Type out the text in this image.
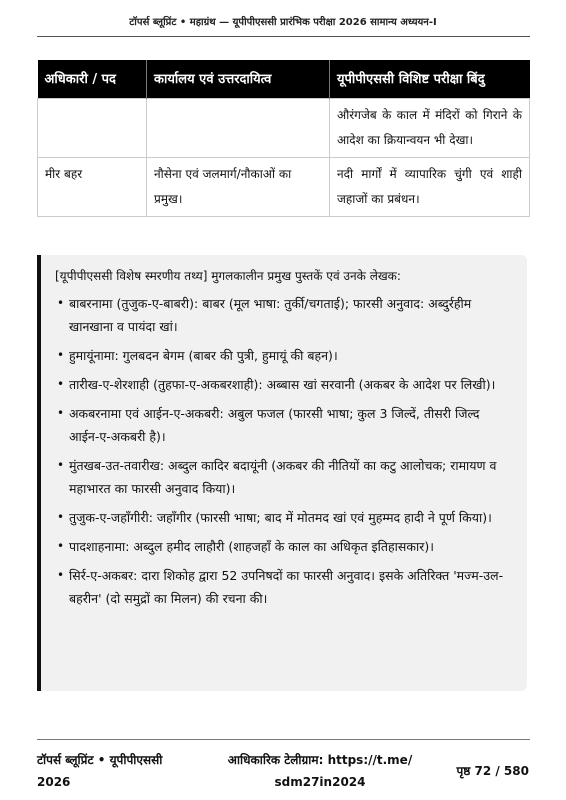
टॉपर्स ब्लूप्रिंट • महाग्रंथ — यूपीपीएससी प्रारंभिक परीक्षा 2026 सामान्य अध्ययन-I
अधिकारी / पद	कार्यालय एवं उत्तरदायित्व	यूपीपीएससी विशिष्ट परीक्षा बिंदु
		औरंगजेब के काल में मंदिरों को गिराने के आदेश का क्रियान्वयन भी देखा।
मीर बहर	नौसेना एवं जलमार्ग/नौकाओं का प्रमुख।	नदी मार्गों में व्यापारिक चुंगी एवं शाही जहाजों का प्रबंधन।
[यूपीपीएससी विशेष स्मरणीय तथ्य] मुगलकालीन प्रमुख पुस्तकें एवं उनके लेखक:
• बाबरनामा (तुजुक-ए-बाबरी): बाबर (मूल भाषा: तुर्की/चगताई); फारसी अनुवाद: अब्दुर्रहीम खानखाना व पायंदा खां।
• हुमायूंनामा: गुलबदन बेगम (बाबर की पुत्री, हुमायूं की बहन)।
• तारीख-ए-शेरशाही (तुहफा-ए-अकबरशाही): अब्बास खां सरवानी (अकबर के आदेश पर लिखी)।
• अकबरनामा एवं आईन-ए-अकबरी: अबुल फजल (फारसी भाषा; कुल 3 जिल्दें, तीसरी जिल्द आईन-ए-अकबरी है)।
• मुंतखब-उत-तवारीख: अब्दुल कादिर बदायूंनी (अकबर की नीतियों का कटु आलोचक; रामायण व महाभारत का फारसी अनुवाद किया)।
• तुजुक-ए-जहाँगीरी: जहाँगीर (फारसी भाषा; बाद में मोतमद खां एवं मुहम्मद हादी ने पूर्ण किया)।
• पादशाहनामा: अब्दुल हमीद लाहौरी (शाहजहाँ के काल का अधिकृत इतिहासकार)।
• सिर्र-ए-अकबर: दारा शिकोह द्वारा 52 उपनिषदों का फारसी अनुवाद। इसके अतिरिक्त 'मज्म-उल-बहरीन' (दो समुद्रों का मिलन) की रचना की।
टॉपर्स ब्लूप्रिंट • यूपीपीएससी 2026
आधिकारिक टेलीग्राम: https://t.me/ sdm27in2024
पृष्ठ 72 / 580
